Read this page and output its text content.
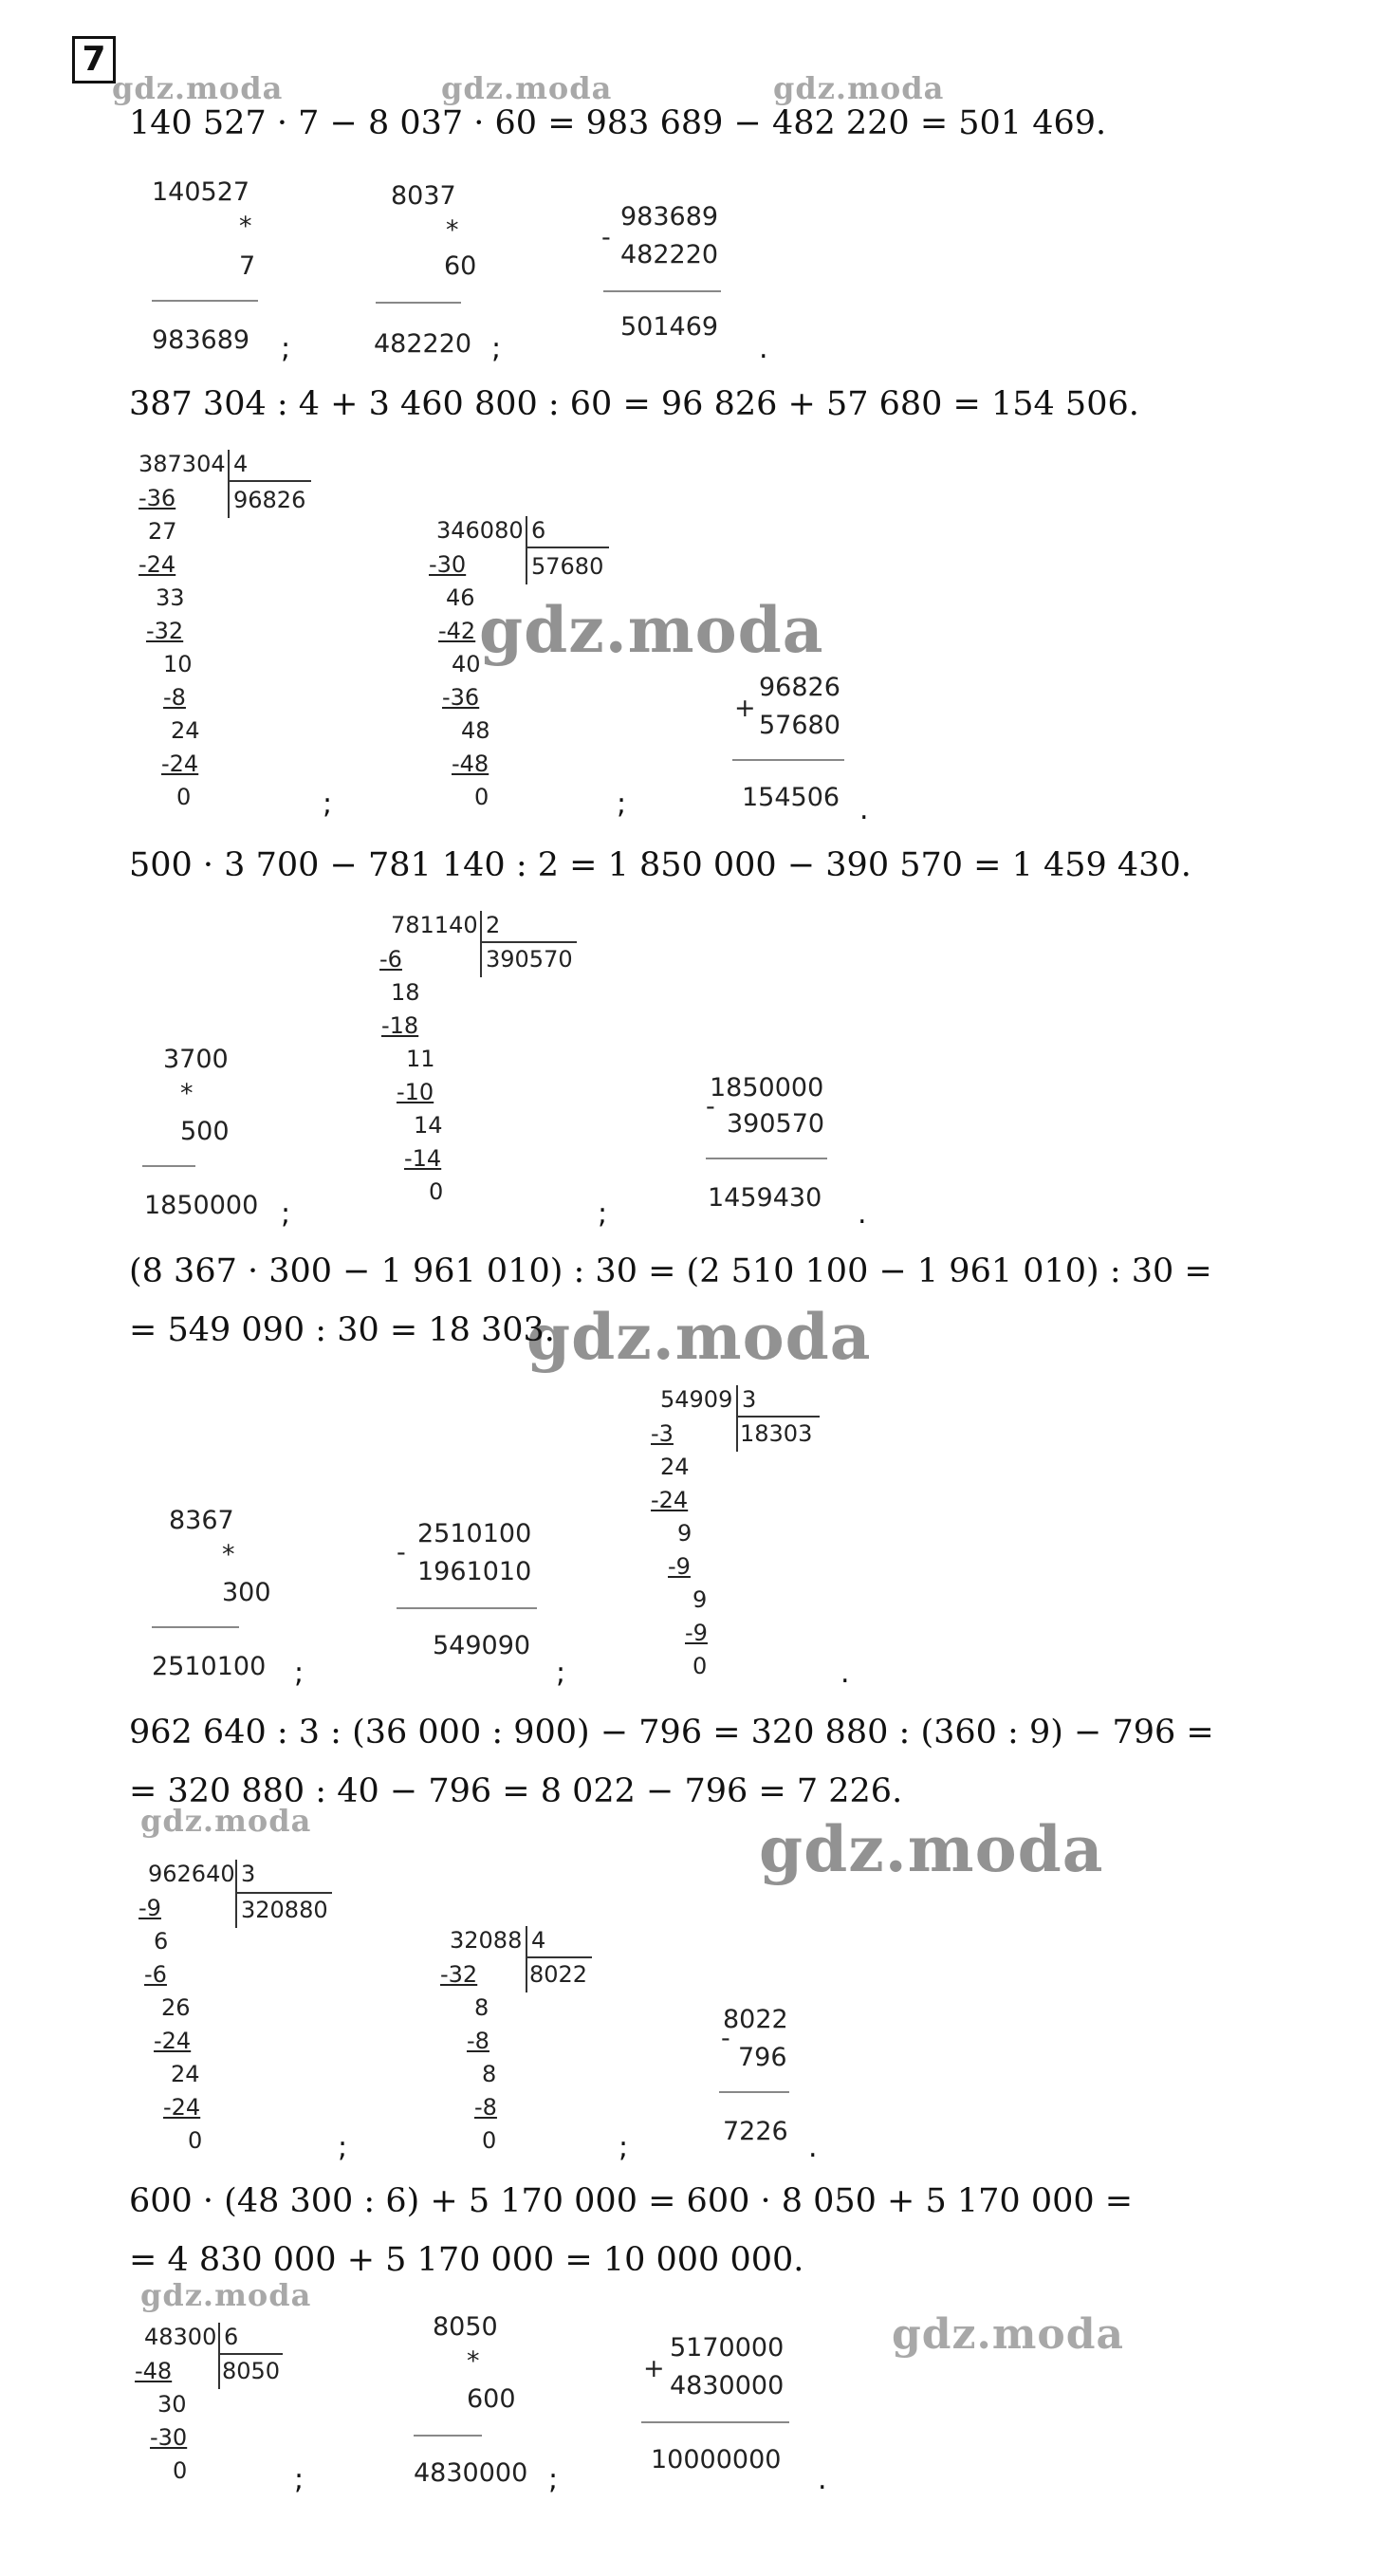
7
gdz.moda	gdz.moda	gdz.moda
gdz.moda
gdz.moda
gdz.moda	gdz.moda
gdz.moda
gdz.moda
140 527 · 7 − 8 037 · 60 = 983 689 − 482 220 = 501 469.
140527
*
7
983689 ;
8037
*
60
482220 ;
983689
-
482220
501469
.
387 304 : 4 + 3 460 800 : 60 = 96 826 + 57 680 = 154 506.
387304 4
96826
-36
27
-24
33
-32
10
-8
24
-24
0	;
346080 6
57680
-30
46
-42
40
-36
48
-48
0	;
96826
+
57680
154506 .
500 · 3 700 − 781 140 : 2 = 1 850 000 − 390 570 = 1 459 430.
781140 2
390570
-6
18
-18
11
-10
14
-14
0
3700
*
500
1850000 ;	;
1850000
-
390570
1459430 .
(8 367 · 300 − 1 961 010) : 30 = (2 510 100 − 1 961 010) : 30 =
= 549 090 : 30 = 18 303.
54909 3
18303
-3
24
-24
9
-9
9
-9
0
8367
*
300
2510100 ;
2510100
-
1961010
549090
;	.
962 640 : 3 : (36 000 : 900) − 796 = 320 880 : (360 : 9) − 796 =
= 320 880 : 40 − 796 = 8 022 − 796 = 7 226.
962640 3
320880
-9
6
-6
26
-24
24
-24
0	;
32088 4
8022
-32
8
-8
8
-8
0	;
8022
-
796
7226 .
600 · (48 300 : 6) + 5 170 000 = 600 · 8 050 + 5 170 000 =
= 4 830 000 + 5 170 000 = 10 000 000.
48300 6
8050
-48
30
-30
0	;
8050
*
600
4830000 ;
5170000
+
4830000
10000000
.
